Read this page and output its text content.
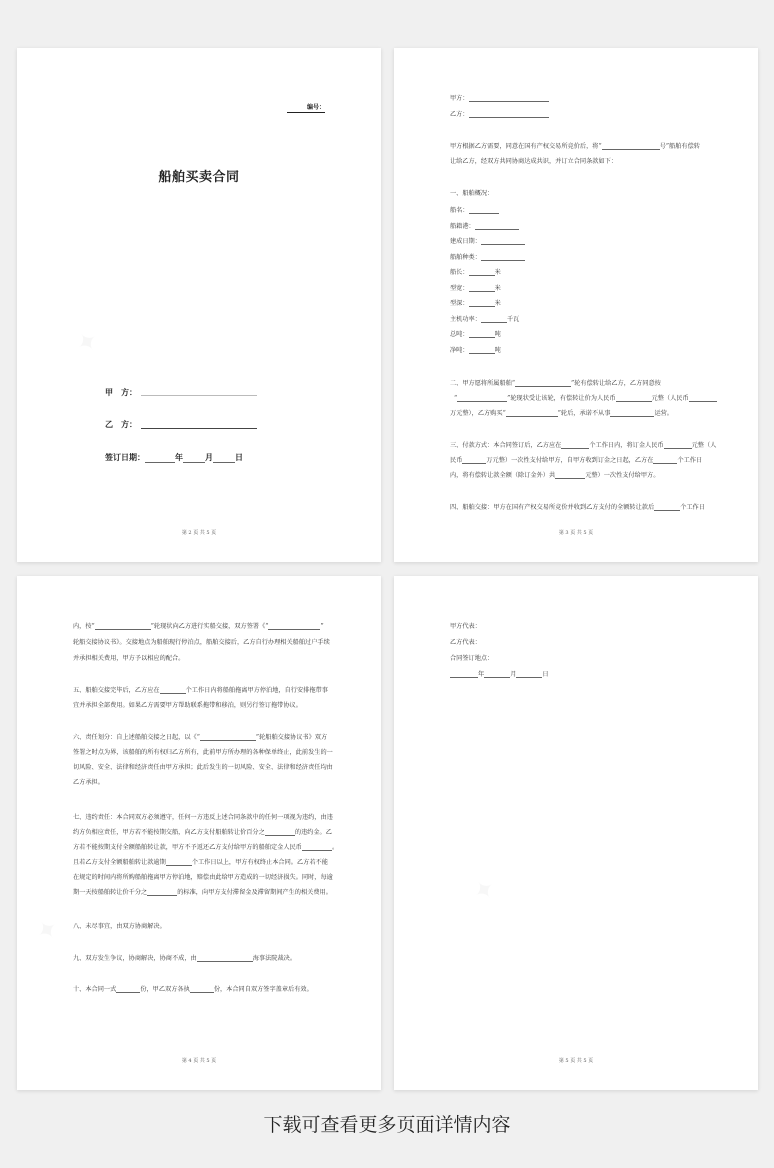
编号：
船舶买卖合同
甲　方：
乙　方：
签订日期：	年	月	日
第 2 页 共 5 页
甲方：
乙方：
甲方根据乙方需要，同意在国有产权交易所竞价后，将“	号”船舶有偿转
让给乙方，经双方共同协商达成共识，并订立合同条款如下：
一、船舶概况：
二、甲方愿将所属船舶“	”轮有偿转让给乙方，乙方同意按
“	”轮现状受让该轮，有偿转让价为人民币	元整（人民币
万元整），乙方购买“	”轮后，承诺不从事	运营。
三、付款方式：本合同签订后，乙方应在	个工作日内，将订金人民币	元整（人
民币	万元整）一次性支付给甲方，自甲方收到订金之日起，乙方在	个工作日
内，将有偿转让款全额（除订金外）共	元整）一次性支付给甲方。
四、船舶交接：甲方在国有产权交易所竞价并收到乙方支付的全额转让款后	个工作日
第 3 页 共 5 页
船名：
船籍港：
建成日期：
船舶种类：
船长：	米
型宽：	米
型深：	米
主机功率：	千瓦
总吨：	吨
净吨：	吨
内，按“	”轮现状向乙方进行实船交接，双方签署《“	”
轮船交接协议书》。交接地点为船舶现行停泊点，船舶交接后，乙方自行办理相关船舶过户手续
并承担相关费用，甲方予以相应的配合。
五、船舶交接完毕后，乙方应在	个工作日内将船舶拖离甲方停泊地，自行安排拖带事
宜并承担全部费用。如果乙方需要甲方帮助联系拖带和移泊，则另行签订拖带协议。
六、责任划分：自上述船舶交接之日起，以《“	”轮船舶交接协议书》双方
签署之时点为界，该船舶的所有权归乙方所有，此前甲方所办理的各种保单终止，此前发生的一
切风险、安全、法律和经济责任由甲方承担；此后发生的一切风险、安全、法律和经济责任均由
乙方承担。
七、违约责任：本合同双方必须遵守，任何一方违反上述合同条款中的任何一项视为违约，由违
约方负相应责任，甲方若不能按期交船，向乙方支付船舶转让价百分之	的违约金。乙
方若不能按期支付全额船舶转让款，甲方不予返还乙方支付给甲方的船舶定金人民币	。
且若乙方支付全额船舶转让款逾期	个工作日以上，甲方有权终止本合同。乙方若不能
在规定的时间内将所购船舶拖离甲方停泊地，赔偿由此给甲方造成的一切经济损失。同时，每逾
期一天按船舶转让价千分之	的标准，向甲方支付滞留金及滞留期间产生的相关费用。
八、未尽事宜，由双方协商解决。
九、双方发生争议，协商解决，协商不成，由	海事法院裁决。
十、本合同一式	份，甲乙双方各执	份，本合同自双方签字盖章后有效。
第 4 页 共 5 页
甲方代表：
乙方代表：
合同签订地点：
年	月	日
第 5 页 共 5 页
下载可查看更多页面详情内容
